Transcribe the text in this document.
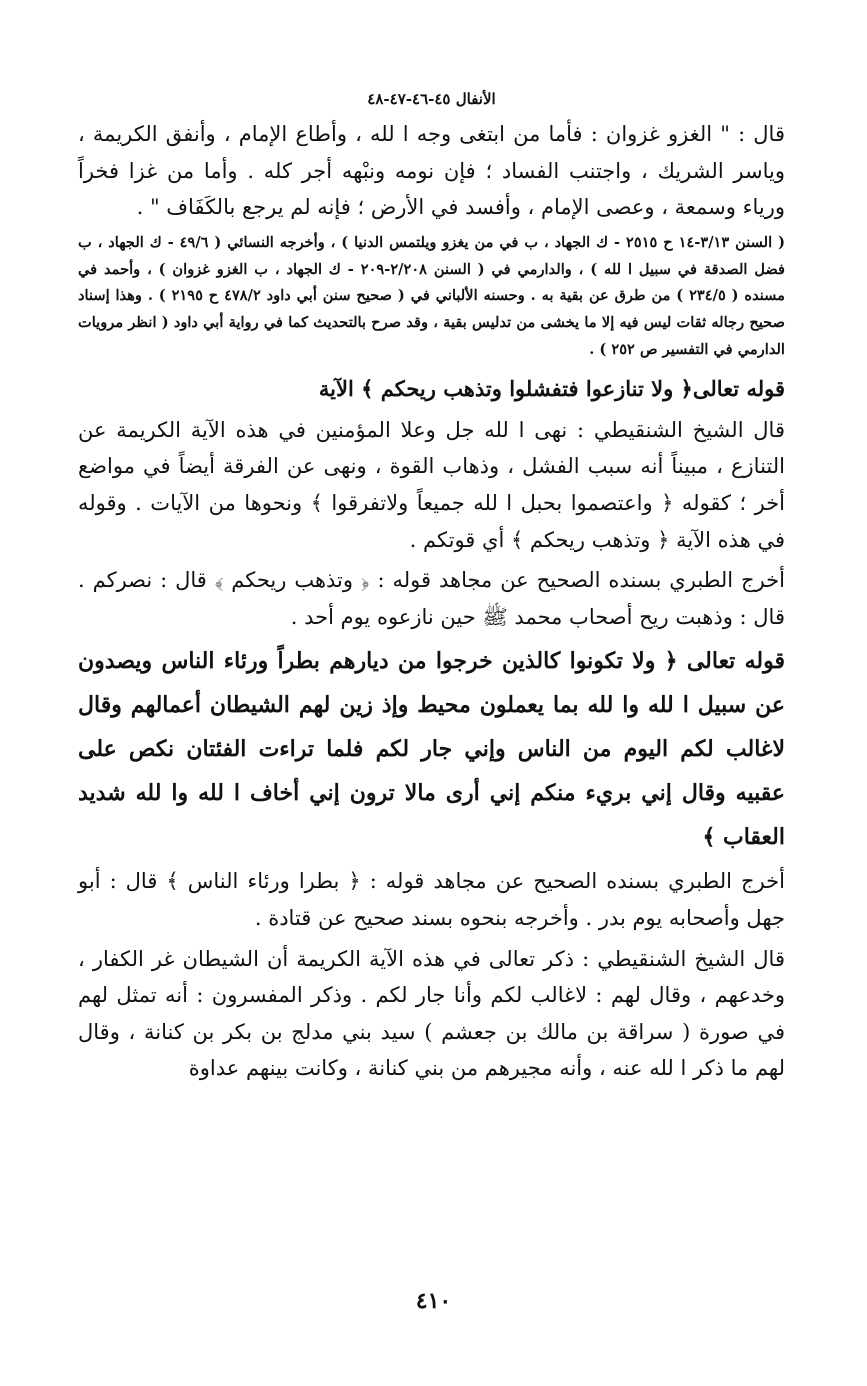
الأنفال ٤٥-٤٦-٤٧-٤٨

قال : " الغزو غزوان : فأما من ابتغى وجه ا لله ، وأطاع الإمام ، وأنفق الكريمة ، وياسر الشريك ، واجتنب الفساد ؛ فإن نومه ونبْهه أجر كله . وأما من غزا فخراً ورياء وسمعة ، وعصى الإمام ، وأفسد في الأرض ؛ فإنه لم يرجع بالكَفَاف " .

( السنن ٣/١٣-١٤ ح ٢٥١٥ - ك الجهاد ، ب في من يغزو ويلتمس الدنيا ) ، وأخرجه النسائي ( ٤٩/٦ - ك الجهاد ، ب فضل الصدقة في سبيل ا لله ) ، والدارمي في ( السنن ٢/٢٠٨-٢٠٩ - ك الجهاد ، ب الغزو غزوان ) ، وأحمد في مسنده ( ٢٣٤/٥ ) من طرق عن بقية به . وحسنه الألباني في ( صحيح سنن أبي داود ٤٧٨/٢ ح ٢١٩٥ ) . وهذا إسناد صحيح رجاله ثقات ليس فيه إلا ما يخشى من تدليس بقية ، وقد صرح بالتحديث كما في رواية أبي داود ( انظر مرويات الدارمي في التفسير ص ٢٥٢ ) .

قوله تعالى﴿ ولا تنازعوا فتفشلوا وتذهب ريحكم ﴾ الآية

قال الشيخ الشنقيطي : نهى ا لله جل وعلا المؤمنين في هذه الآية الكريمة عن التنازع ، مبيناً أنه سبب الفشل ، وذهاب القوة ، ونهى عن الفرقة أيضاً في مواضع أخر ؛ كقوله ﴿ واعتصموا بحبل ا لله جميعاً ولاتفرقوا ﴾ ونحوها من الآيات . وقوله في هذه الآية ﴿ وتذهب ريحكم ﴾ أي قوتكم .

أخرج الطبري بسنده الصحيح عن مجاهد قوله : ﴿ وتذهب ريحكم ﴾ قال : نصركم . قال : وذهبت ريح أصحاب محمد ﷺ حين نازعوه يوم أحد .

قوله تعالى ﴿ ولا تكونوا كالذين خرجوا من ديارهم بطراً ورئاء الناس ويصدون عن سبيل ا لله وا لله بما يعملون محيط وإذ زين لهم الشيطان أعمالهم وقال لاغالب لكم اليوم من الناس وإني جار لكم فلما تراءت الفئتان نكص على عقبيه وقال إني بريء منكم إني أرى مالا ترون إني أخاف ا لله وا لله شديد العقاب ﴾

أخرج الطبري بسنده الصحيح عن مجاهد قوله : ﴿ بطرا ورئاء الناس ﴾ قال : أبو جهل وأصحابه يوم بدر . وأخرجه بنحوه بسند صحيح عن قتادة .

قال الشيخ الشنقيطي : ذكر تعالى في هذه الآية الكريمة أن الشيطان غر الكفار ، وخدعهم ، وقال لهم : لاغالب لكم وأنا جار لكم . وذكر المفسرون : أنه تمثل لهم في صورة ( سراقة بن مالك بن جعشم ) سيد بني مدلج بن بكر بن كنانة ، وقال لهم ما ذكر ا لله عنه ، وأنه مجيرهم من بني كنانة ، وكانت بينهم عداوة

٤١٠
